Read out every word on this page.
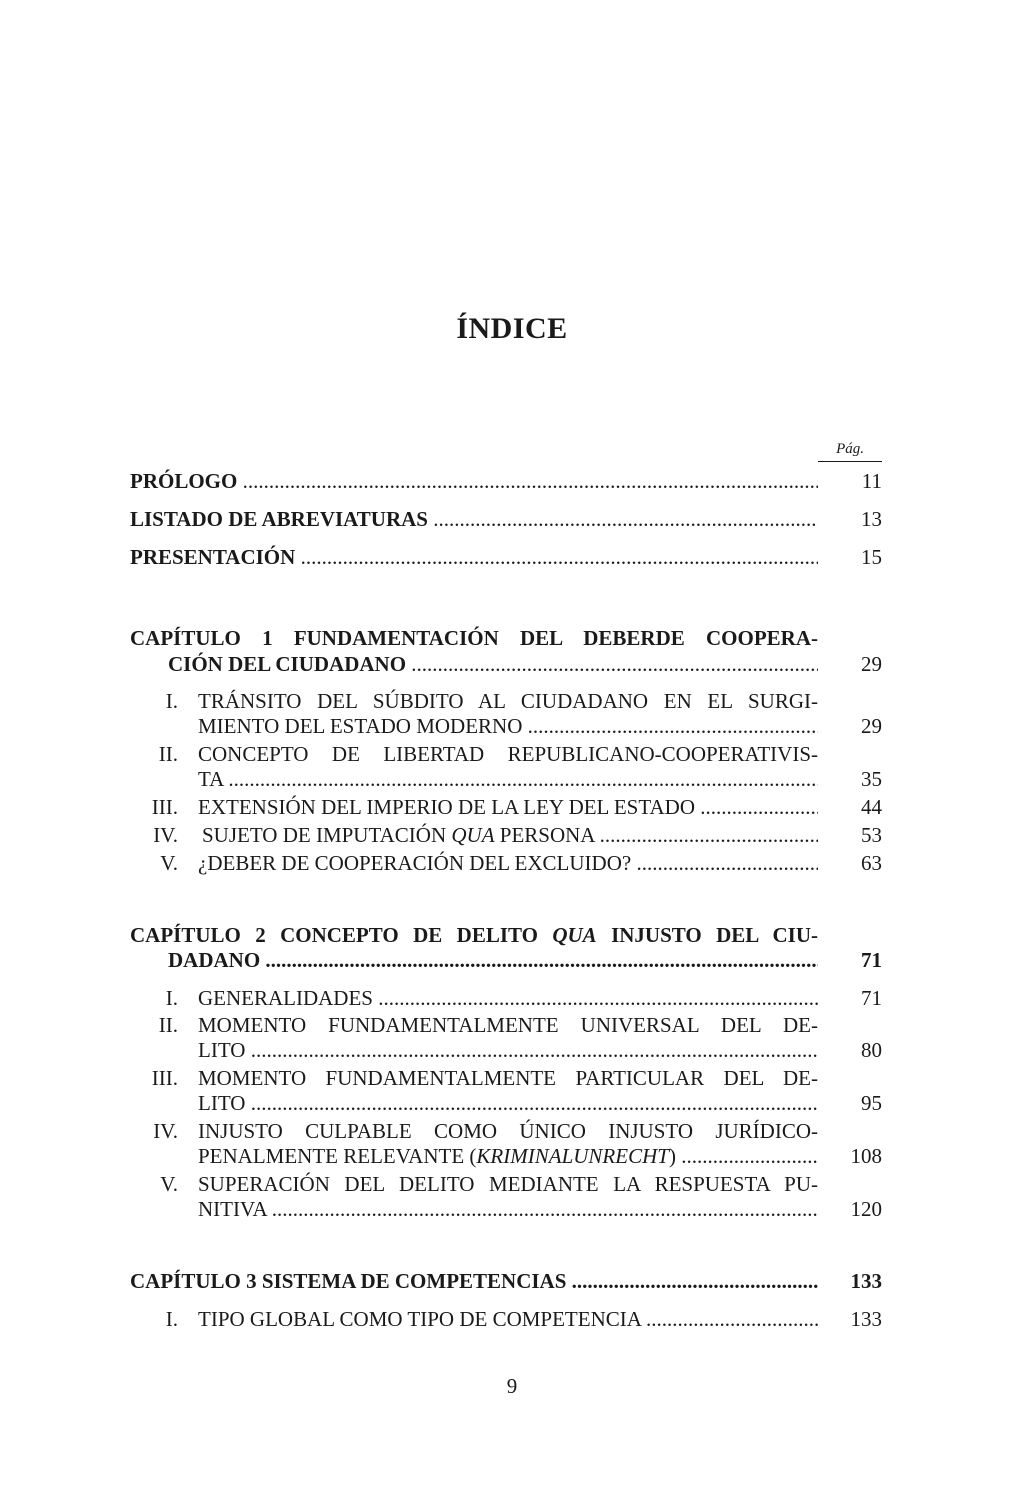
ÍNDICE
Pág.
PRÓLOGO .....	11
LISTADO DE ABREVIATURAS .....	13
PRESENTACIÓN .....	15
CAPÍTULO 1 FUNDAMENTACIÓN DEL DEBERDE COOPERA-
CIÓN DEL CIUDADANO .....	29
I. TRÁNSITO DEL SÚBDITO AL CIUDADANO EN EL SURGI-
MIENTO DEL ESTADO MODERNO .....	29
II. CONCEPTO DE LIBERTAD REPUBLICANO-COOPERATIVIS-
TA .....	35
III. EXTENSIÓN DEL IMPERIO DE LA LEY DEL ESTADO .....	44
IV. SUJETO DE IMPUTACIÓN QUA PERSONA .....	53
V. ¿DEBER DE COOPERACIÓN DEL EXCLUIDO? .....	63
CAPÍTULO 2 CONCEPTO DE DELITO QUA INJUSTO DEL CIU-
DADANO .....	71
I. GENERALIDADES .....	71
II. MOMENTO FUNDAMENTALMENTE UNIVERSAL DEL DE-
LITO .....	80
III. MOMENTO FUNDAMENTALMENTE PARTICULAR DEL DE-
LITO .....	95
IV. INJUSTO CULPABLE COMO ÚNICO INJUSTO JURÍDICO-
PENALMENTE RELEVANTE (KRIMINALUNRECHT) .....	108
V. SUPERACIÓN DEL DELITO MEDIANTE LA RESPUESTA PU-
NITIVA .....	120
CAPÍTULO 3 SISTEMA DE COMPETENCIAS .....	133
I. TIPO GLOBAL COMO TIPO DE COMPETENCIA .....	133
9
